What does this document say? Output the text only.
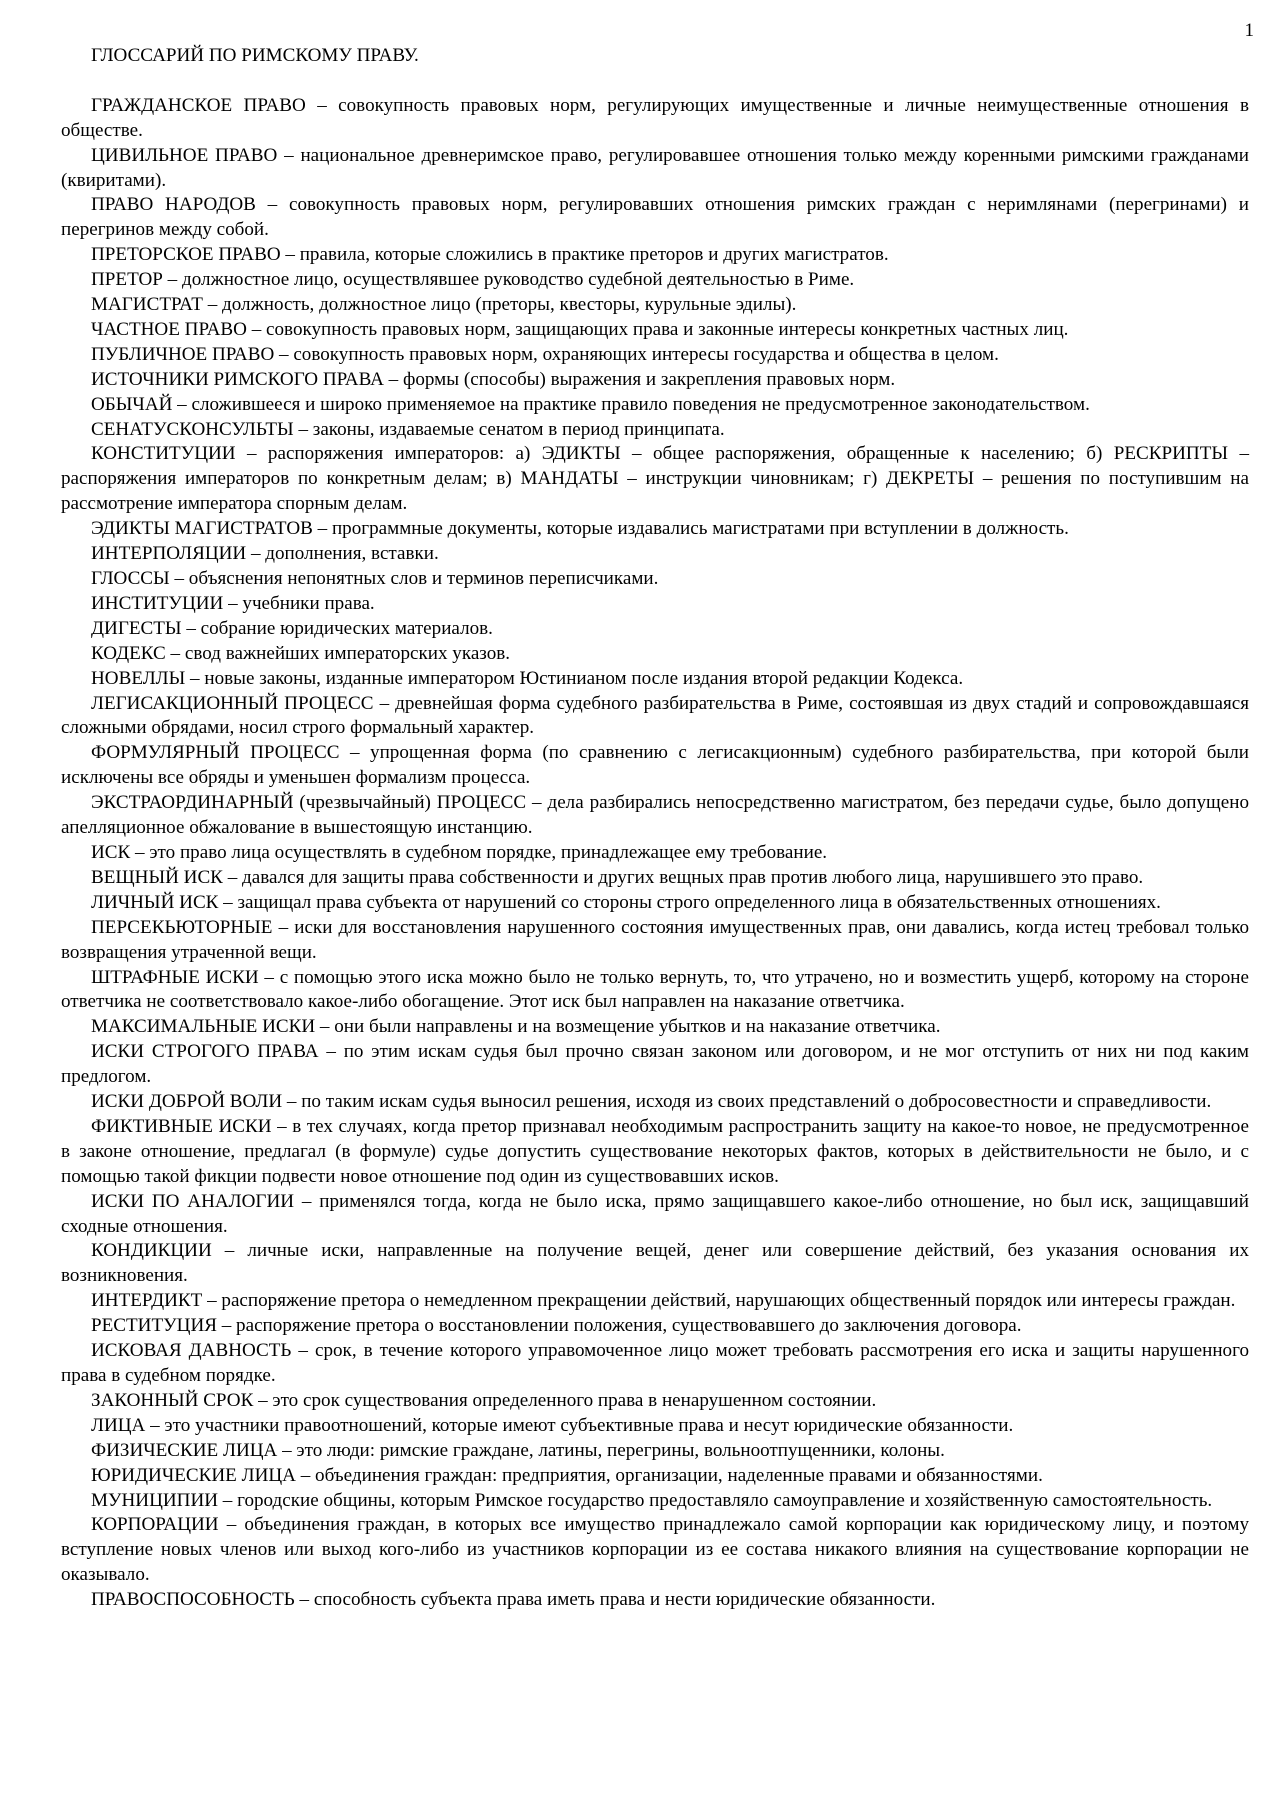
1
ГЛОССАРИЙ ПО РИМСКОМУ ПРАВУ.

ГРАЖДАНСКОЕ ПРАВО – совокупность правовых норм, регулирующих имущественные и личные неимущественные отношения в обществе.

ЦИВИЛЬНОЕ ПРАВО – национальное древнеримское право, регулировавшее отношения только между коренными римскими гражданами (квиритами).

ПРАВО НАРОДОВ – совокупность правовых норм, регулировавших отношения римских граждан с неримлянами (перегринами) и перегринов между собой.

ПРЕТОРСКОЕ ПРАВО – правила, которые сложились в практике преторов и других магистратов.

ПРЕТОР – должностное лицо, осуществлявшее руководство судебной деятельностью в Риме.

МАГИСТРАТ – должность, должностное лицо (преторы, квесторы, курульные эдилы).

ЧАСТНОЕ ПРАВО – совокупность правовых норм, защищающих права и законные интересы конкретных частных лиц.

ПУБЛИЧНОЕ ПРАВО – совокупность правовых норм, охраняющих интересы государства и общества в целом.

ИСТОЧНИКИ РИМСКОГО ПРАВА – формы (способы) выражения и закрепления правовых норм.

ОБЫЧАЙ – сложившееся и широко применяемое на практике правило поведения не предусмотренное законодательством.

СЕНАТУСКОНСУЛЬТЫ – законы, издаваемые сенатом в период принципата.

КОНСТИТУЦИИ – распоряжения императоров: а) ЭДИКТЫ – общее распоряжения, обращенные к населению; б) РЕСКРИПТЫ – распоряжения императоров по конкретным делам; в) МАНДАТЫ – инструкции чиновникам; г) ДЕКРЕТЫ – решения по поступившим на рассмотрение императора спорным делам.

ЭДИКТЫ МАГИСТРАТОВ – программные документы, которые издавались магистратами при вступлении в должность.

ИНТЕРПОЛЯЦИИ – дополнения, вставки.

ГЛОССЫ – объяснения непонятных слов и терминов переписчиками.

ИНСТИТУЦИИ – учебники права.

ДИГЕСТЫ – собрание юридических материалов.

КОДЕКС – свод важнейших императорских указов.

НОВЕЛЛЫ – новые законы, изданные императором Юстинианом после издания второй редакции Кодекса.

ЛЕГИСАКЦИОННЫЙ ПРОЦЕСС – древнейшая форма судебного разбирательства в Риме, состоявшая из двух стадий и сопровождавшаяся сложными обрядами, носил строго формальный характер.

ФОРМУЛЯРНЫЙ ПРОЦЕСС – упрощенная форма (по сравнению с легисакционным) судебного разбирательства, при которой были исключены все обряды и уменьшен формализм процесса.

ЭКСТРАОРДИНАРНЫЙ (чрезвычайный) ПРОЦЕСС – дела разбирались непосредственно магистратом, без передачи судье, было допущено апелляционное обжалование в вышестоящую инстанцию.

ИСК – это право лица осуществлять в судебном порядке, принадлежащее ему требование.

ВЕЩНЫЙ ИСК – давался для защиты права собственности и других вещных прав против любого лица, нарушившего это право.

ЛИЧНЫЙ ИСК – защищал права субъекта от нарушений со стороны строго определенного лица в обязательственных отношениях.

ПЕРСЕКЬЮТОРНЫЕ – иски для восстановления нарушенного состояния имущественных прав, они давались, когда истец требовал только возвращения утраченной вещи.

ШТРАФНЫЕ ИСКИ – с помощью этого иска можно было не только вернуть, то, что утрачено, но и возместить ущерб, которому на стороне ответчика не соответствовало какое-либо обогащение. Этот иск был направлен на наказание ответчика.

МАКСИМАЛЬНЫЕ ИСКИ – они были направлены и на возмещение убытков и на наказание ответчика.

ИСКИ СТРОГОГО ПРАВА – по этим искам судья был прочно связан законом или договором, и не мог отступить от них ни под каким предлогом.

ИСКИ ДОБРОЙ ВОЛИ – по таким искам судья выносил решения, исходя из своих представлений о добросовестности и справедливости.

ФИКТИВНЫЕ ИСКИ – в тех случаях, когда претор признавал необходимым распространить защиту на какое-то новое, не предусмотренное в законе отношение, предлагал (в формуле) судье допустить существование некоторых фактов, которых в действительности не было, и с помощью такой фикции подвести новое отношение под один из существовавших исков.

ИСКИ ПО АНАЛОГИИ – применялся тогда, когда не было иска, прямо защищавшего какое-либо отношение, но был иск, защищавший сходные отношения.

КОНДИКЦИИ – личные иски, направленные на получение вещей, денег или совершение действий, без указания основания их возникновения.

ИНТЕРДИКТ – распоряжение претора о немедленном прекращении действий, нарушающих общественный порядок или интересы граждан.

РЕСТИТУЦИЯ – распоряжение претора о восстановлении положения, существовавшего до заключения договора.

ИСКОВАЯ ДАВНОСТЬ – срок, в течение которого управомоченное лицо может требовать рассмотрения его иска и защиты нарушенного права в судебном порядке.

ЗАКОННЫЙ СРОК – это срок существования определенного права в ненарушенном состоянии.

ЛИЦА – это участники правоотношений, которые имеют субъективные права и несут юридические обязанности.

ФИЗИЧЕСКИЕ ЛИЦА – это люди: римские граждане, латины, перегрины, вольноотпущенники, колоны.

ЮРИДИЧЕСКИЕ ЛИЦА – объединения граждан: предприятия, организации, наделенные правами и обязанностями.

МУНИЦИПИИ – городские общины, которым Римское государство предоставляло самоуправление и хозяйственную самостоятельность.

КОРПОРАЦИИ – объединения граждан, в которых все имущество принадлежало самой корпорации как юридическому лицу, и поэтому вступление новых членов или выход кого-либо из участников корпорации из ее состава никакого влияния на существование корпорации не оказывало.

ПРАВОСПОСОБНОСТЬ – способность субъекта права иметь права и нести юридические обязанности.
